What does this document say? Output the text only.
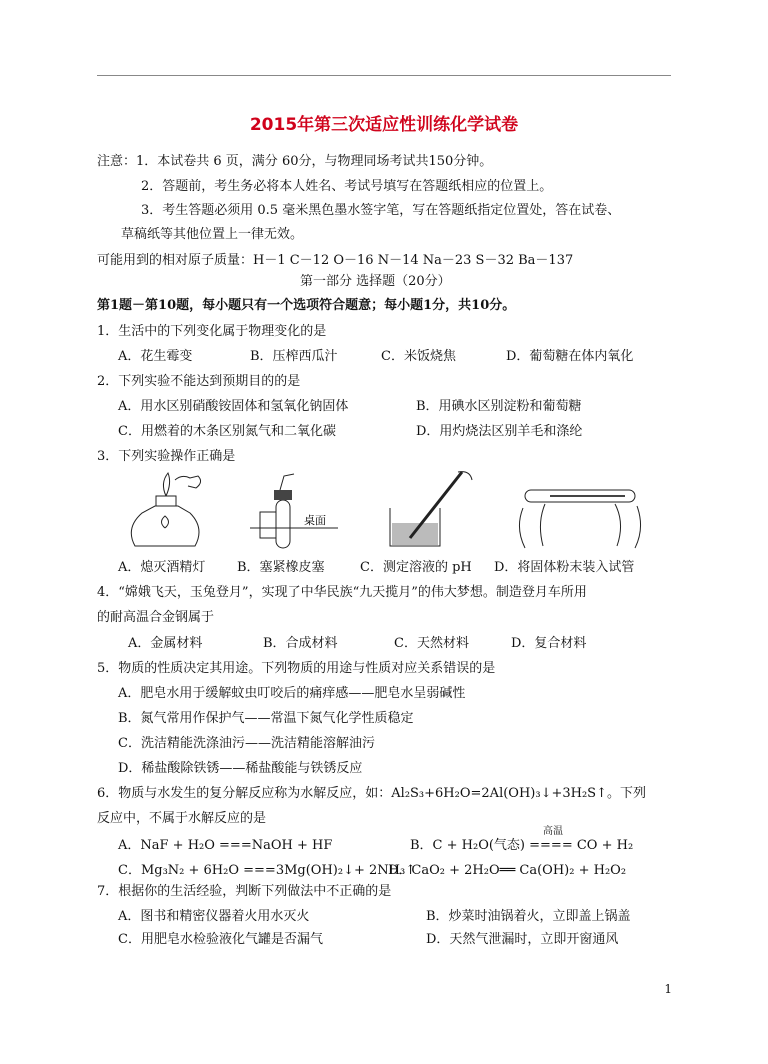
2015年第三次适应性训练化学试卷
注意：1．本试卷共 6 页，满分 60分，与物理同场考试共150分钟。
2．答题前，考生务必将本人姓名、考试号填写在答题纸相应的位置上。
3．考生答题必须用 0.5 毫米黑色墨水签字笔，写在答题纸指定位置处，答在试卷、
草稿纸等其他位置上一律无效。
可能用到的相对原子质量：H－1 C－12 O－16 N－14 Na－23 S－32 Ba－137
第一部分 选择题（20分）
第1题－第10题，每小题只有一个选项符合题意；每小题1分，共10分。
1．生活中的下列变化属于物理变化的是
A．花生霉变	B．压榨西瓜汁	C．米饭烧焦	D．葡萄糖在体内氧化
2．下列实验不能达到预期目的的是
A．用水区别硝酸铵固体和氢氧化钠固体	B．用碘水区别淀粉和葡萄糖
C．用燃着的木条区别氮气和二氧化碳	D．用灼烧法区别羊毛和涤纶
3．下列实验操作正确是
桌面
A．熄灭酒精灯 B．塞紧橡皮塞	C．测定溶液的 pH D．将固体粉末装入试管
4．“嫦娥飞天，玉兔登月”，实现了中华民族“九天揽月”的伟大梦想。制造登月车所用
的耐高温合金钢属于
A．金属材料	B．合成材料	C．天然材料	D．复合材料
5．物质的性质决定其用途。下列物质的用途与性质对应关系错误的是
A．肥皂水用于缓解蚊虫叮咬后的痛痒感——肥皂水呈弱碱性
B．氮气常用作保护气——常温下氮气化学性质稳定
C．洗洁精能洗涤油污——洗洁精能溶解油污
D．稀盐酸除铁锈——稀盐酸能与铁锈反应
6．物质与水发生的复分解反应称为水解反应，如：Al₂S₃+6H₂O=2Al(OH)₃↓+3H₂S↑。下列
反应中，不属于水解反应的是
高温
A．NaF + H₂O ===NaOH + HF	B．C + H₂O(气态) ==== CO + H₂
C．Mg₃N₂ + 6H₂O ===3Mg(OH)₂↓+ 2NH₃↑
D．CaO₂ + 2H₂O══ Ca(OH)₂ + H₂O₂
7．根据你的生活经验，判断下列做法中不正确的是
A．图书和精密仪器着火用水灭火	B．炒菜时油锅着火，立即盖上锅盖
C．用肥皂水检验液化气罐是否漏气	D．天然气泄漏时，立即开窗通风
1
